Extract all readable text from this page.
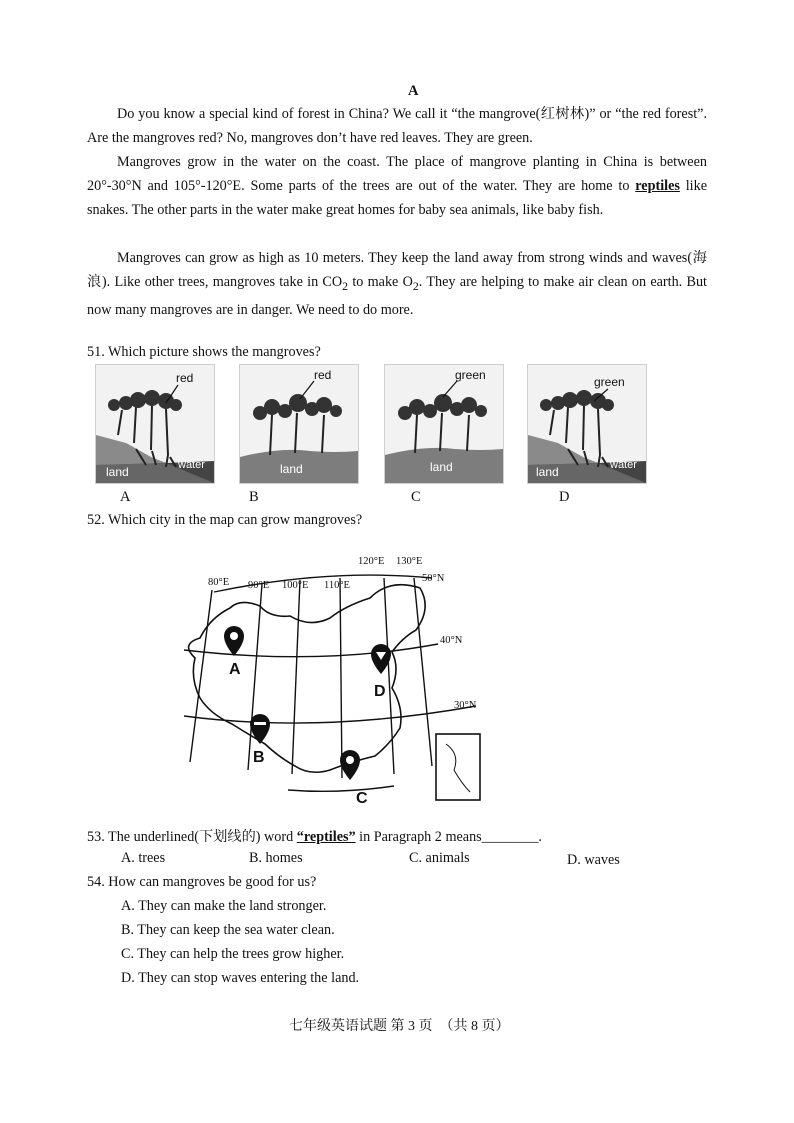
A
Do you know a special kind of forest in China? We call it “the mangrove(红树林)” or “the red forest”. Are the mangroves red? No, mangroves don’t have red leaves. They are green.
Mangroves grow in the water on the coast. The place of mangrove planting in China is between 20°-30°N and 105°-120°E. Some parts of the trees are out of the water. They are home to reptiles like snakes. The other parts in the water make great homes for baby sea animals, like baby fish.
Mangroves can grow as high as 10 meters. They keep the land away from strong winds and waves(海浪). Like other trees, mangroves take in $CO_2$ to make $O_2$. They are helping to make air clean on earth. But now many mangroves are in danger. We need to do more.
51. Which picture shows the mangroves?
red
land	water
red
land
green
land
green
land	water
A	B	C	D
52. Which city in the map can grow mangroves?
80°E 90°E 100°E 110°E
120°E 130°E
50°N
40°N
30°N
A
B
C
D
53. The underlined(下划线的) word “reptiles” in Paragraph 2 means________.
A. trees	B. homes	C. animals	D. waves
54. How can mangroves be good for us?
A. They can make the land stronger.
B. They can keep the sea water clean.
C. They can help the trees grow higher.
D. They can stop waves entering the land.
七年级英语试题 第 3 页  （共 8 页）
